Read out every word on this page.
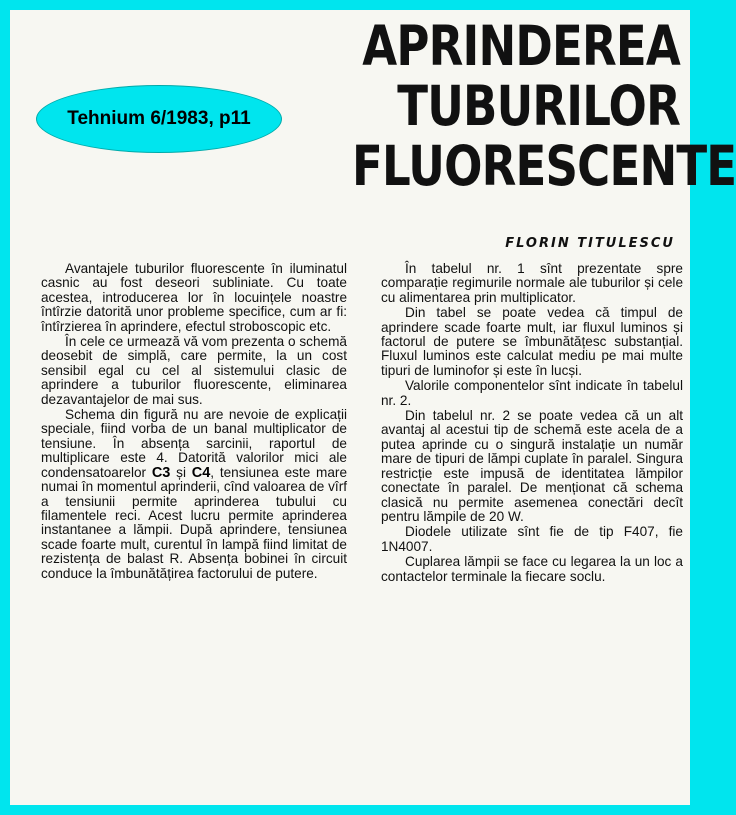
APRINDEREA
TUBURILOR
FLUORESCENTE
Tehnium 6/1983, p11

FLORIN TITULESCU

Avantajele tuburilor fluorescente în iluminatul casnic au fost deseori subliniate. Cu toate acestea, introducerea lor în locuințele noastre întîrzie datorită unor probleme specifice, cum ar fi: întîrzierea în aprindere, efectul stroboscopic etc.

În cele ce urmează vă vom prezenta o schemă deosebit de simplă, care permite, la un cost sensibil egal cu cel al sistemului clasic de aprindere a tuburilor fluorescente, eliminarea dezavantajelor de mai sus.

Schema din figură nu are nevoie de explicații speciale, fiind vorba de un banal multiplicator de tensiune. În absența sarcinii, raportul de multiplicare este 4. Datorită valorilor mici ale condensatoarelor C3 și C4, tensiunea este mare numai în momentul aprinderii, cînd valoarea de vîrf a tensiunii permite aprinderea tubului cu filamentele reci. Acest lucru permite aprinderea instantanee a lămpii. După aprindere, tensiunea scade foarte mult, curentul în lampă fiind limitat de rezistența de balast R. Absența bobinei în circuit conduce la îmbunătățirea factorului de putere.

În tabelul nr. 1 sînt prezentate spre comparație regimurile normale ale tuburilor și cele cu alimentarea prin multiplicator.

Din tabel se poate vedea că timpul de aprindere scade foarte mult, iar fluxul luminos și factorul de putere se îmbunătățesc substanțial. Fluxul luminos este calculat mediu pe mai multe tipuri de luminofor și este în lucși.

Valorile componentelor sînt indicate în tabelul nr. 2.

Din tabelul nr. 2 se poate vedea că un alt avantaj al acestui tip de schemă este acela de a putea aprinde cu o singură instalație un număr mare de tipuri de lămpi cuplate în paralel. Singura restricție este impusă de identitatea lămpilor conectate în paralel. De menționat că schema clasică nu permite asemenea conectări decît pentru lămpile de 20 W.

Diodele utilizate sînt fie de tip F407, fie 1N4007.

Cuplarea lămpii se face cu legarea la un loc a contactelor terminale la fiecare soclu.
